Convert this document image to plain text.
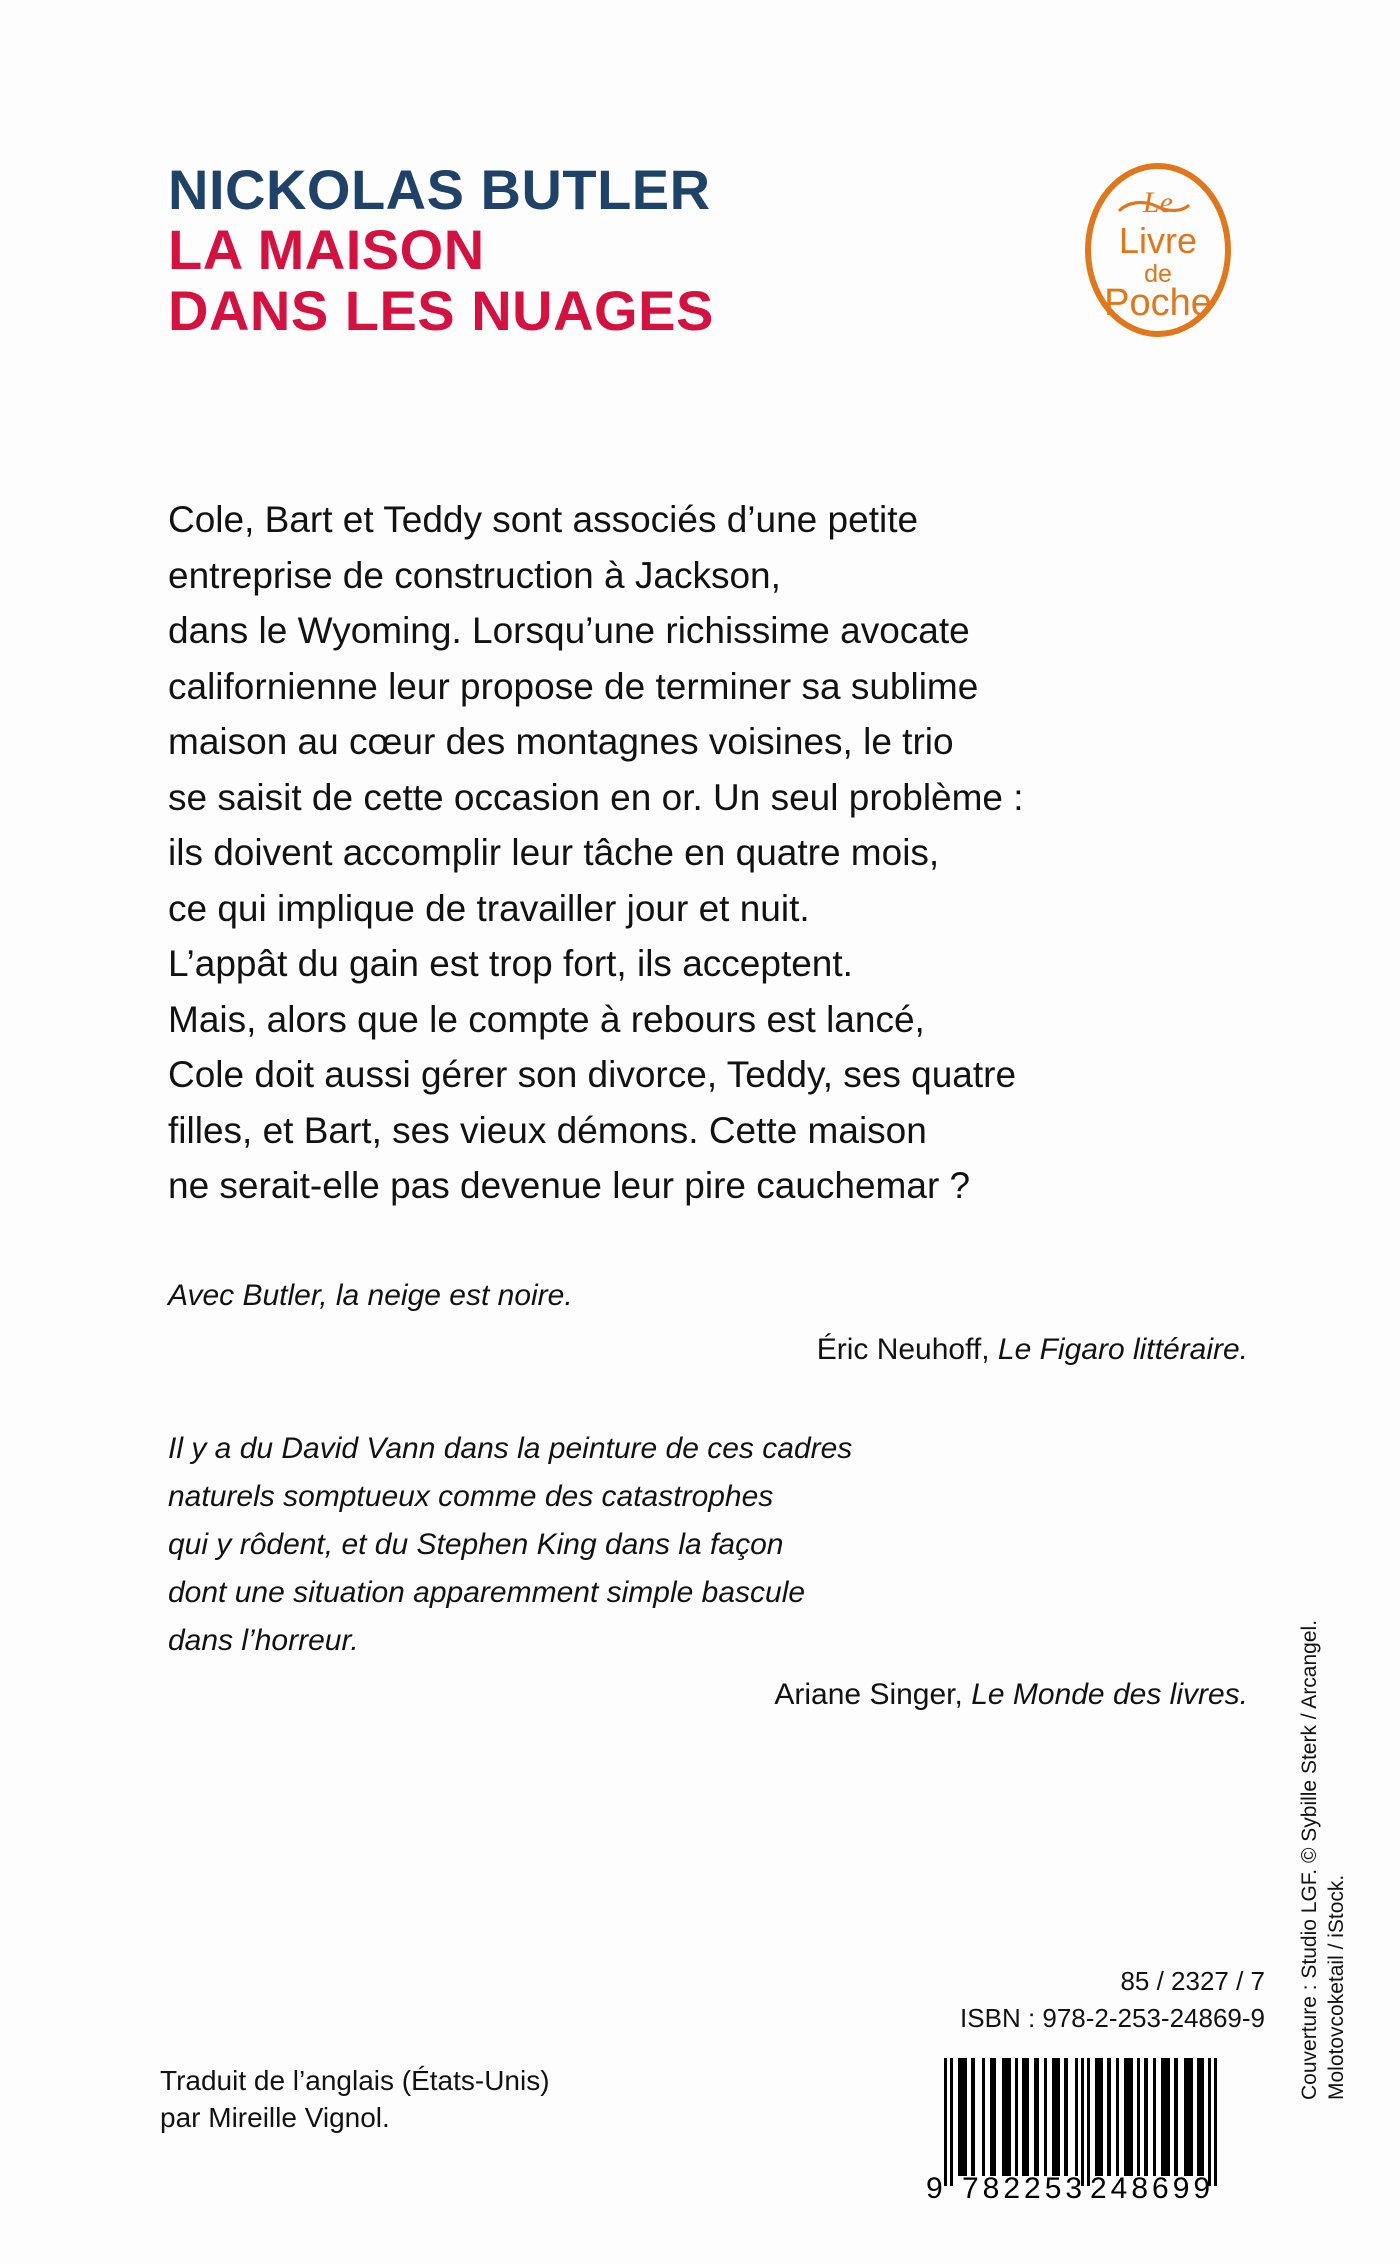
NICKOLAS BUTLER
LA MAISON
DANS LES NUAGES
Le
Livre
de
Poche
Cole, Bart et Teddy sont associés d’une petite
entreprise de construction à Jackson,
dans le Wyoming. Lorsqu’une richissime avocate
californienne leur propose de terminer sa sublime
maison au cœur des montagnes voisines, le trio
se saisit de cette occasion en or. Un seul problème :
ils doivent accomplir leur tâche en quatre mois,
ce qui implique de travailler jour et nuit.
L’appât du gain est trop fort, ils acceptent.
Mais, alors que le compte à rebours est lancé,
Cole doit aussi gérer son divorce, Teddy, ses quatre
filles, et Bart, ses vieux démons. Cette maison
ne serait-elle pas devenue leur pire cauchemar ?
Avec Butler, la neige est noire.
Éric Neuhoff, Le Figaro littéraire.
Il y a du David Vann dans la peinture de ces cadres
naturels somptueux comme des catastrophes
qui y rôdent, et du Stephen King dans la façon
dont une situation apparemment simple bascule
dans l’horreur.
Ariane Singer, Le Monde des livres. Couverture : Studio LGF. © Sybille Sterk / Arcangel. Molotovcoketail / iStock.
85 / 2327 / 7
ISBN : 978-2-253-24869-9
Traduit de l’anglais (États-Unis)
par Mireille Vignol.
9 782253 248699
